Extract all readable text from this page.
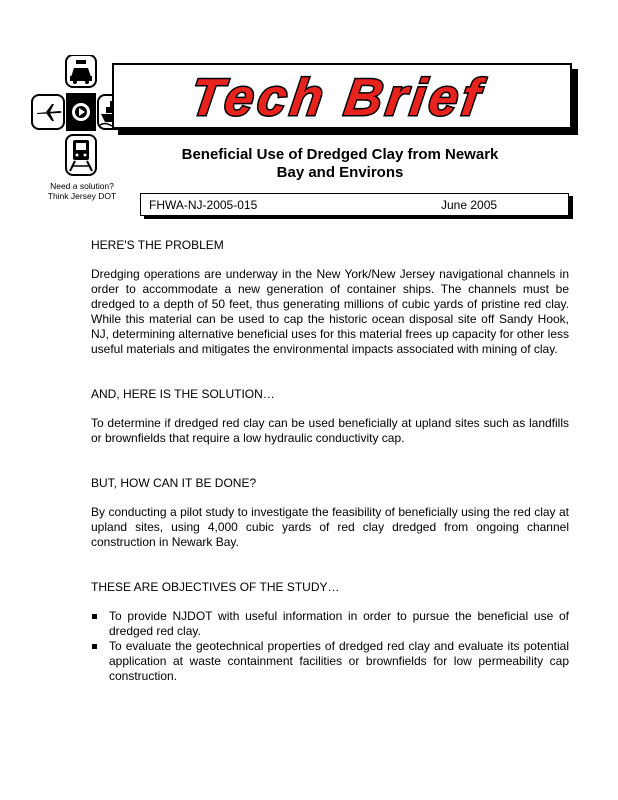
Need a solution?
Think Jersey DOT
Tech Brief
Beneficial Use of Dredged Clay from Newark
Bay and Environs
FHWA-NJ-2005-015	June 2005
HERE'S THE PROBLEM
Dredging operations are underway in the New York/New Jersey navigational channels in order to accommodate a new generation of container ships. The channels must be dredged to a depth of 50 feet, thus generating millions of cubic yards of pristine red clay. While this material can be used to cap the historic ocean disposal site off Sandy Hook, NJ, determining alternative beneficial uses for this material frees up capacity for other less useful materials and mitigates the environmental impacts associated with mining of clay.
AND, HERE IS THE SOLUTION…
To determine if dredged red clay can be used beneficially at upland sites such as landfills or brownfields that require a low hydraulic conductivity cap.
BUT, HOW CAN IT BE DONE?
By conducting a pilot study to investigate the feasibility of beneficially using the red clay at upland sites, using 4,000 cubic yards of red clay dredged from ongoing channel construction in Newark Bay.
THESE ARE OBJECTIVES OF THE STUDY…
To provide NJDOT with useful information in order to pursue the beneficial use of dredged red clay.
To evaluate the geotechnical properties of dredged red clay and evaluate its potential application at waste containment facilities or brownfields for low permeability cap construction.
